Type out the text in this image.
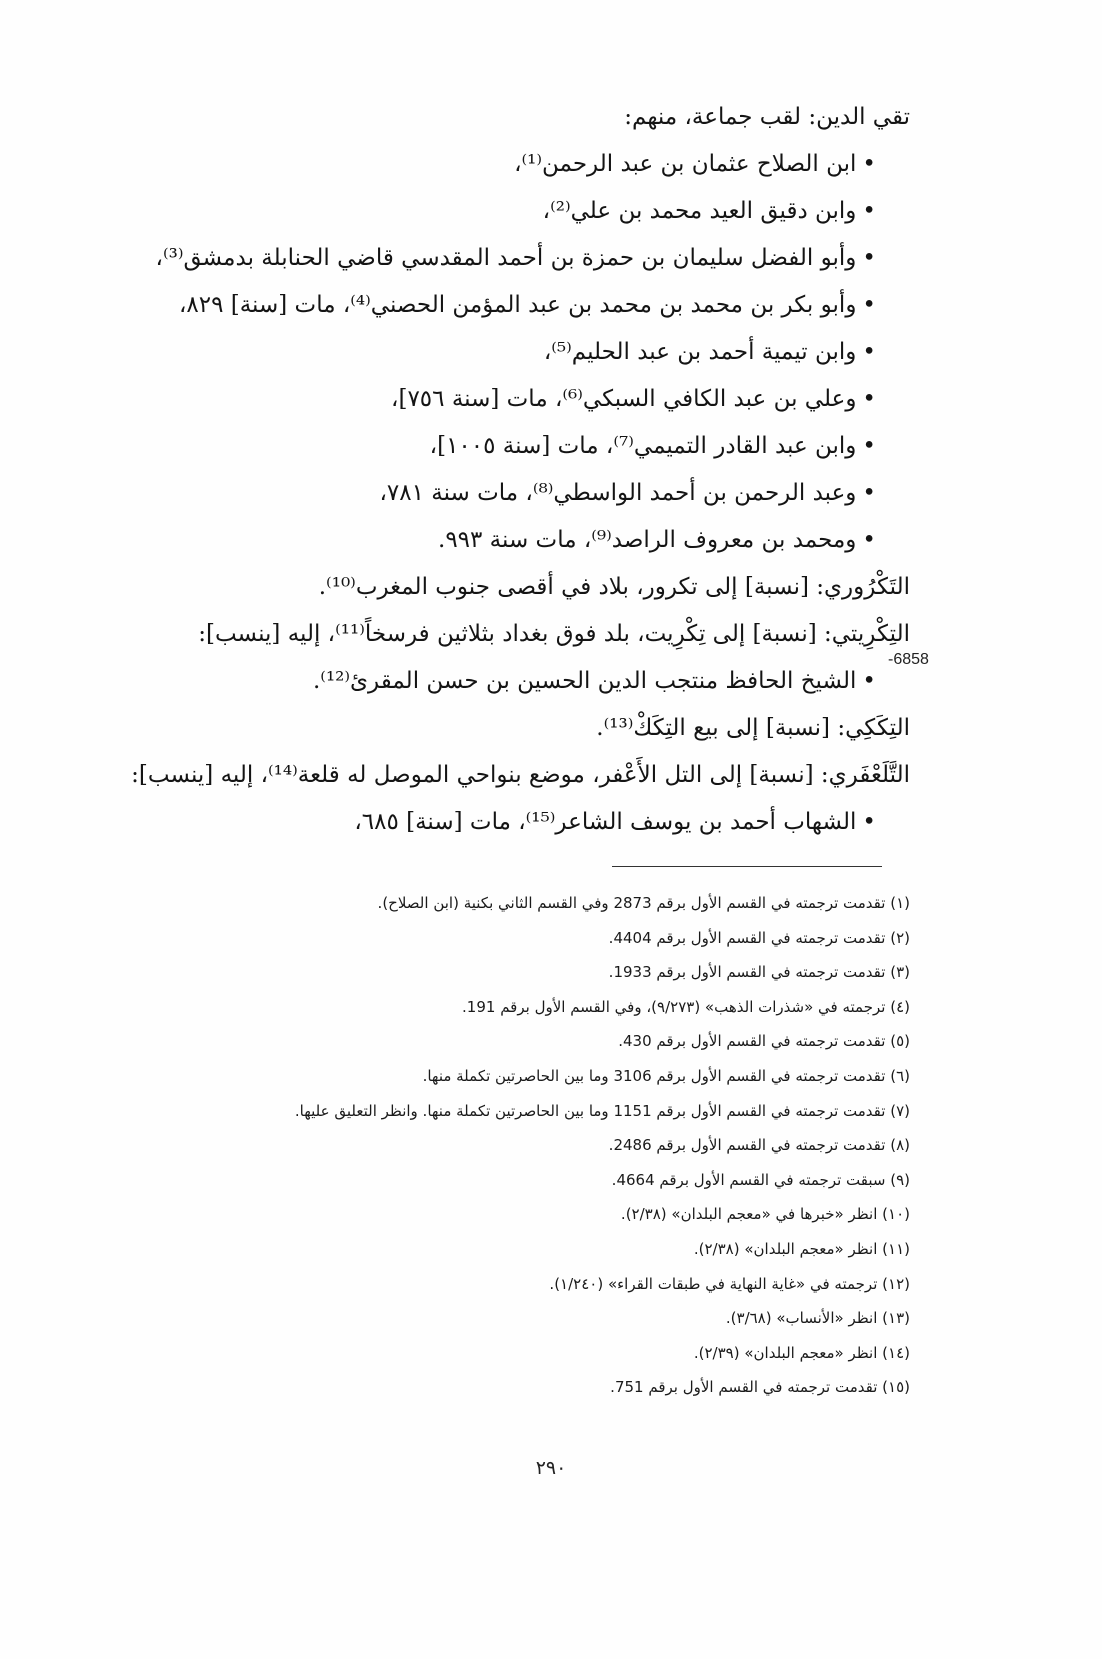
تقي الدين: لقب جماعة، منهم:
• ابن الصلاح عثمان بن عبد الرحمن⁽¹⁾،
• وابن دقيق العيد محمد بن علي⁽²⁾،
• وأبو الفضل سليمان بن حمزة بن أحمد المقدسي قاضي الحنابلة بدمشق⁽³⁾،
• وأبو بكر بن محمد بن محمد بن عبد المؤمن الحصني⁽⁴⁾، مات [سنة] ٨٢٩،
• وابن تيمية أحمد بن عبد الحليم⁽⁵⁾،
• وعلي بن عبد الكافي السبكي⁽⁶⁾، مات [سنة ٧٥٦]،
• وابن عبد القادر التميمي⁽⁷⁾، مات [سنة ١٠٠٥]،
• وعبد الرحمن بن أحمد الواسطي⁽⁸⁾، مات سنة ٧٨١،
• ومحمد بن معروف الراصد⁽⁹⁾، مات سنة ٩٩٣.
التَكْرُوري: [نسبة] إلى تكرور، بلاد في أقصى جنوب المغرب⁽¹⁰⁾.
التِكْرِيتي: [نسبة] إلى تِكْرِيت، بلد فوق بغداد بثلاثين فرسخاً⁽¹¹⁾، إليه [ينسب]:
• الشيخ الحافظ منتجب الدين الحسين بن حسن المقرئ⁽¹²⁾.
التِكَكِي: [نسبة] إلى بيع التِكَكْ⁽¹³⁾.
التَّلَعْفَري: [نسبة] إلى التل الأَعْفر، موضع بنواحي الموصل له قلعة⁽¹⁴⁾، إليه [ينسب]:
• الشهاب أحمد بن يوسف الشاعر⁽¹⁵⁾، مات [سنة] ٦٨٥،
-6858
(١) تقدمت ترجمته في القسم الأول برقم 2873 وفي القسم الثاني بكنية (ابن الصلاح).
(٢) تقدمت ترجمته في القسم الأول برقم 4404.
(٣) تقدمت ترجمته في القسم الأول برقم 1933.
(٤) ترجمته في «شذرات الذهب» (٩/٢٧٣)، وفي القسم الأول برقم 191.
(٥) تقدمت ترجمته في القسم الأول برقم 430.
(٦) تقدمت ترجمته في القسم الأول برقم 3106 وما بين الحاصرتين تكملة منها.
(٧) تقدمت ترجمته في القسم الأول برقم 1151 وما بين الحاصرتين تكملة منها. وانظر التعليق عليها.
(٨) تقدمت ترجمته في القسم الأول برقم 2486.
(٩) سبقت ترجمته في القسم الأول برقم 4664.
(١٠) انظر «خبرها في «معجم البلدان» (٢/٣٨).
(١١) انظر «معجم البلدان» (٢/٣٨).
(١٢) ترجمته في «غاية النهاية في طبقات القراء» (١/٢٤٠).
(١٣) انظر «الأنساب» (٣/٦٨).
(١٤) انظر «معجم البلدان» (٢/٣٩).
(١٥) تقدمت ترجمته في القسم الأول برقم 751.
٢٩٠
